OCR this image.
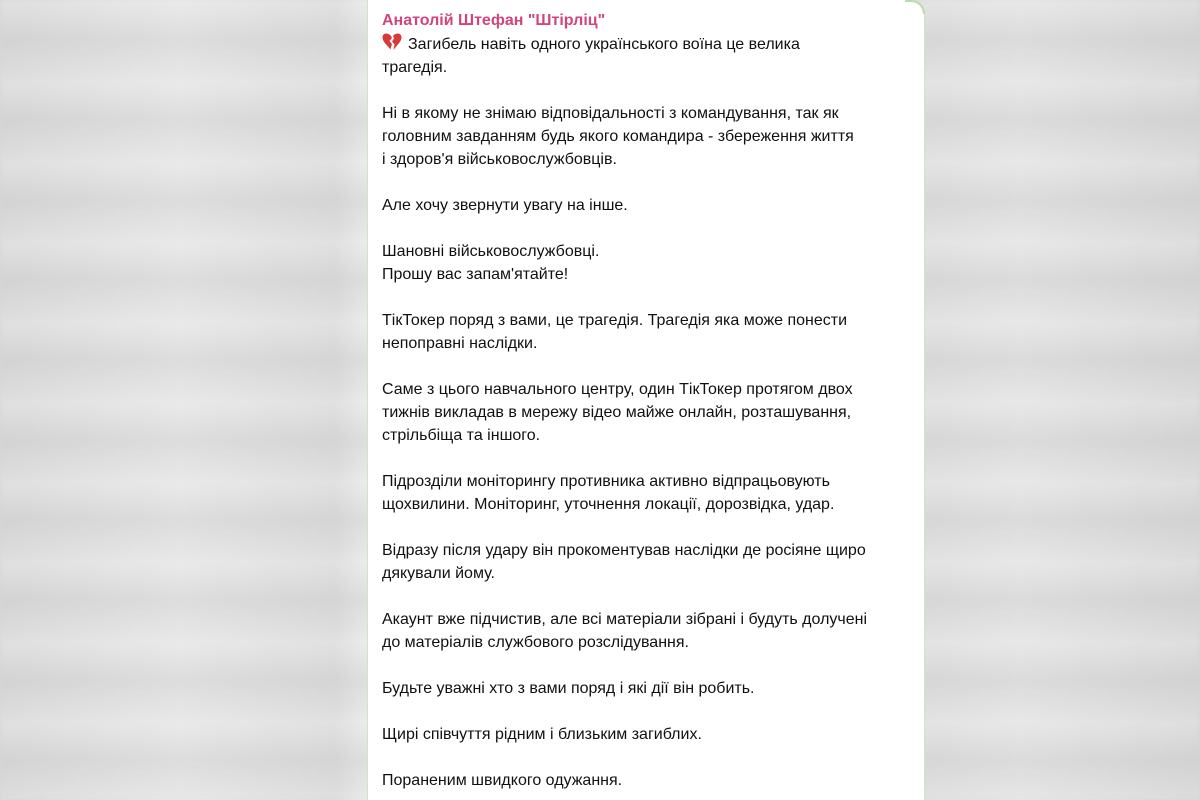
Анатолій Штефан "Штірліц"
Загибель навіть одного українського воїна це велика
трагедія.
Ні в якому не знімаю відповідальності з командування, так як
головним завданням будь якого командира - збереження життя
і здоров'я військовослужбовців.
Але хочу звернути увагу на інше.
Шановні військовослужбовці.
Прошу вас запам'ятайте!
ТікТокер поряд з вами, це трагедія. Трагедія яка може понести
непоправні наслідки.
Саме з цього навчального центру, один ТікТокер протягом двох
тижнів викладав в мережу відео майже онлайн, розташування,
стрільбіща та іншого.
Підрозділи моніторингу противника активно відпрацьовують
щохвилини. Моніторинг, уточнення локації, дорозвідка, удар.
Відразу після удару він прокоментував наслідки де росіяне щиро
дякували йому.
Акаунт вже підчистив, але всі матеріали зібрані і будуть долучені
до матеріалів службового розслідування.
Будьте уважні хто з вами поряд і які дії він робить.
Щирі співчуття рідним і близьким загиблих.
Пораненим швидкого одужання.
